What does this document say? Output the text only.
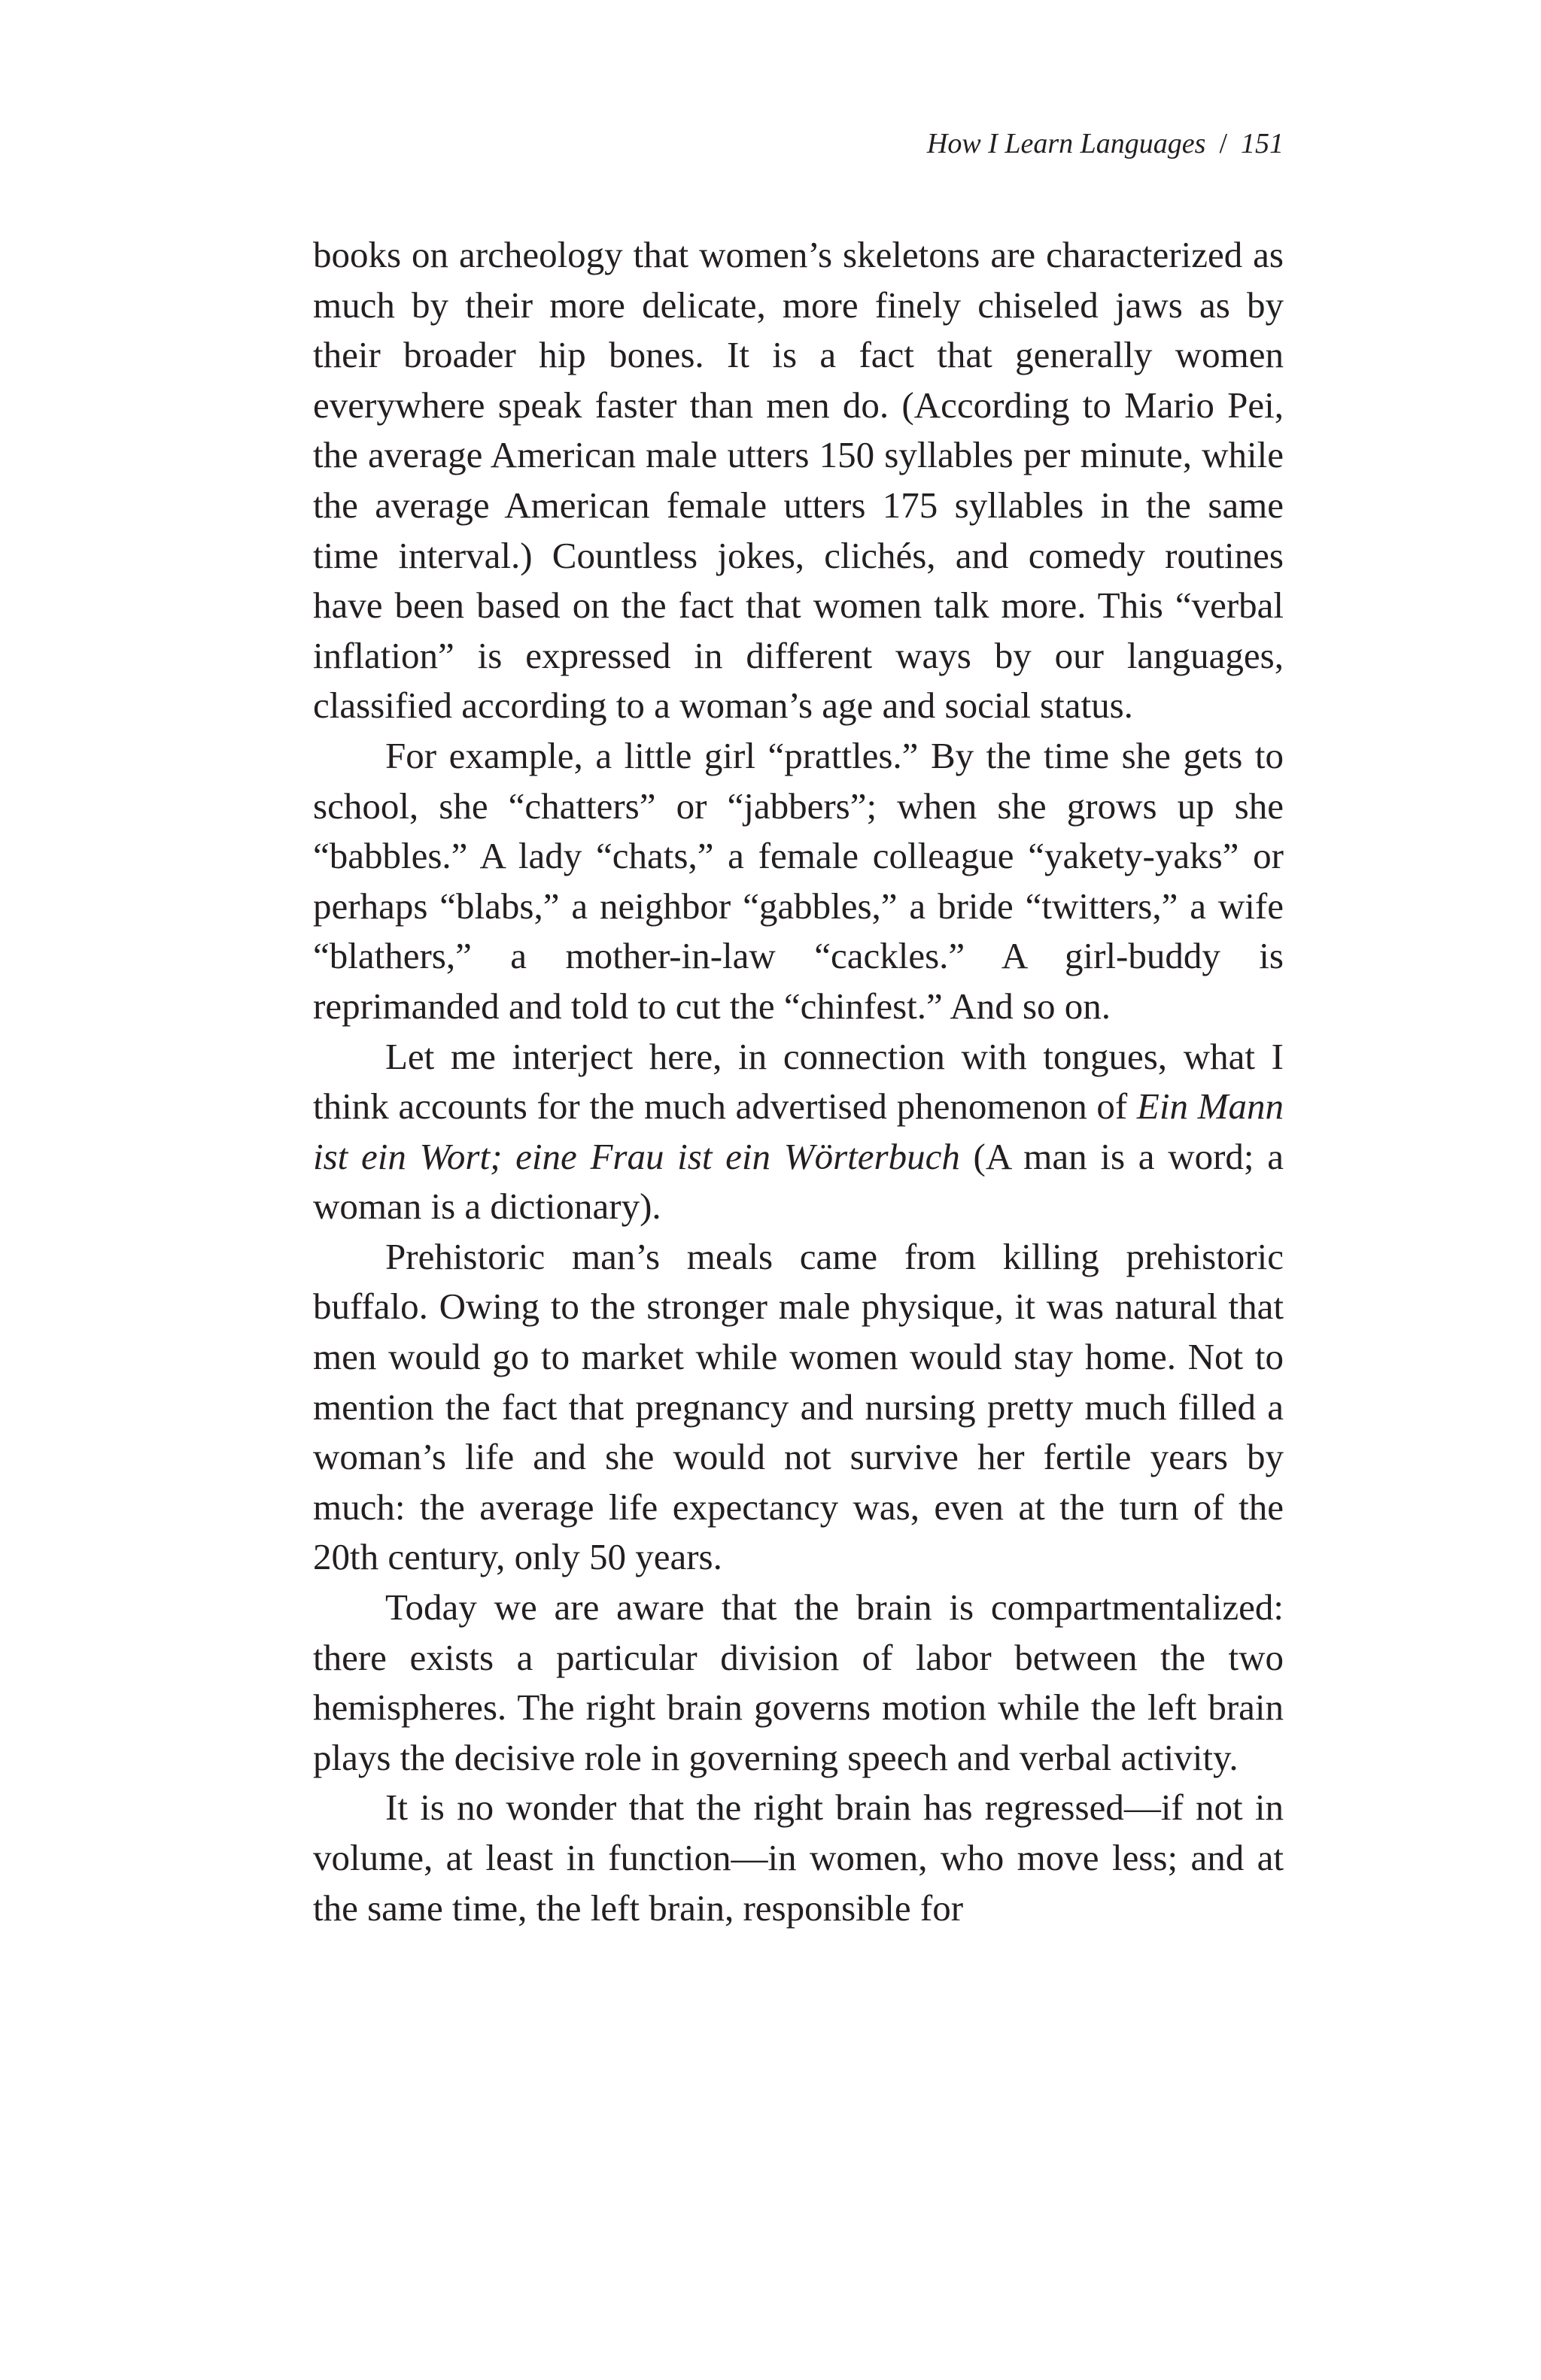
How I Learn Languages / 151

books on archeology that women’s skeletons are characterized as much by their more delicate, more finely chiseled jaws as by their broader hip bones. It is a fact that generally women everywhere speak faster than men do. (According to Mario Pei, the average American male utters 150 syllables per minute, while the average American female utters 175 syllables in the same time interval.) Countless jokes, clichés, and comedy routines have been based on the fact that women talk more. This “verbal inflation” is expressed in different ways by our languages, classified according to a woman’s age and social status.

For example, a little girl “prattles.” By the time she gets to school, she “chatters” or “jabbers”; when she grows up she “babbles.” A lady “chats,” a female colleague “yakety-yaks” or perhaps “blabs,” a neighbor “gabbles,” a bride “twitters,” a wife “blathers,” a mother-in-law “cackles.” A girl-buddy is reprimanded and told to cut the “chinfest.” And so on.

Let me interject here, in connection with tongues, what I think accounts for the much advertised phenomenon of Ein Mann ist ein Wort; eine Frau ist ein Wörterbuch (A man is a word; a woman is a dictionary).

Prehistoric man’s meals came from killing prehistoric buffalo. Owing to the stronger male physique, it was natural that men would go to market while women would stay home. Not to mention the fact that pregnancy and nursing pretty much filled a woman’s life and she would not survive her fertile years by much: the average life expectancy was, even at the turn of the 20th century, only 50 years.

Today we are aware that the brain is compartmentalized: there exists a particular division of labor between the two hemispheres. The right brain governs motion while the left brain plays the decisive role in governing speech and verbal activity.

It is no wonder that the right brain has regressed—if not in volume, at least in function—in women, who move less; and at the same time, the left brain, responsible for
